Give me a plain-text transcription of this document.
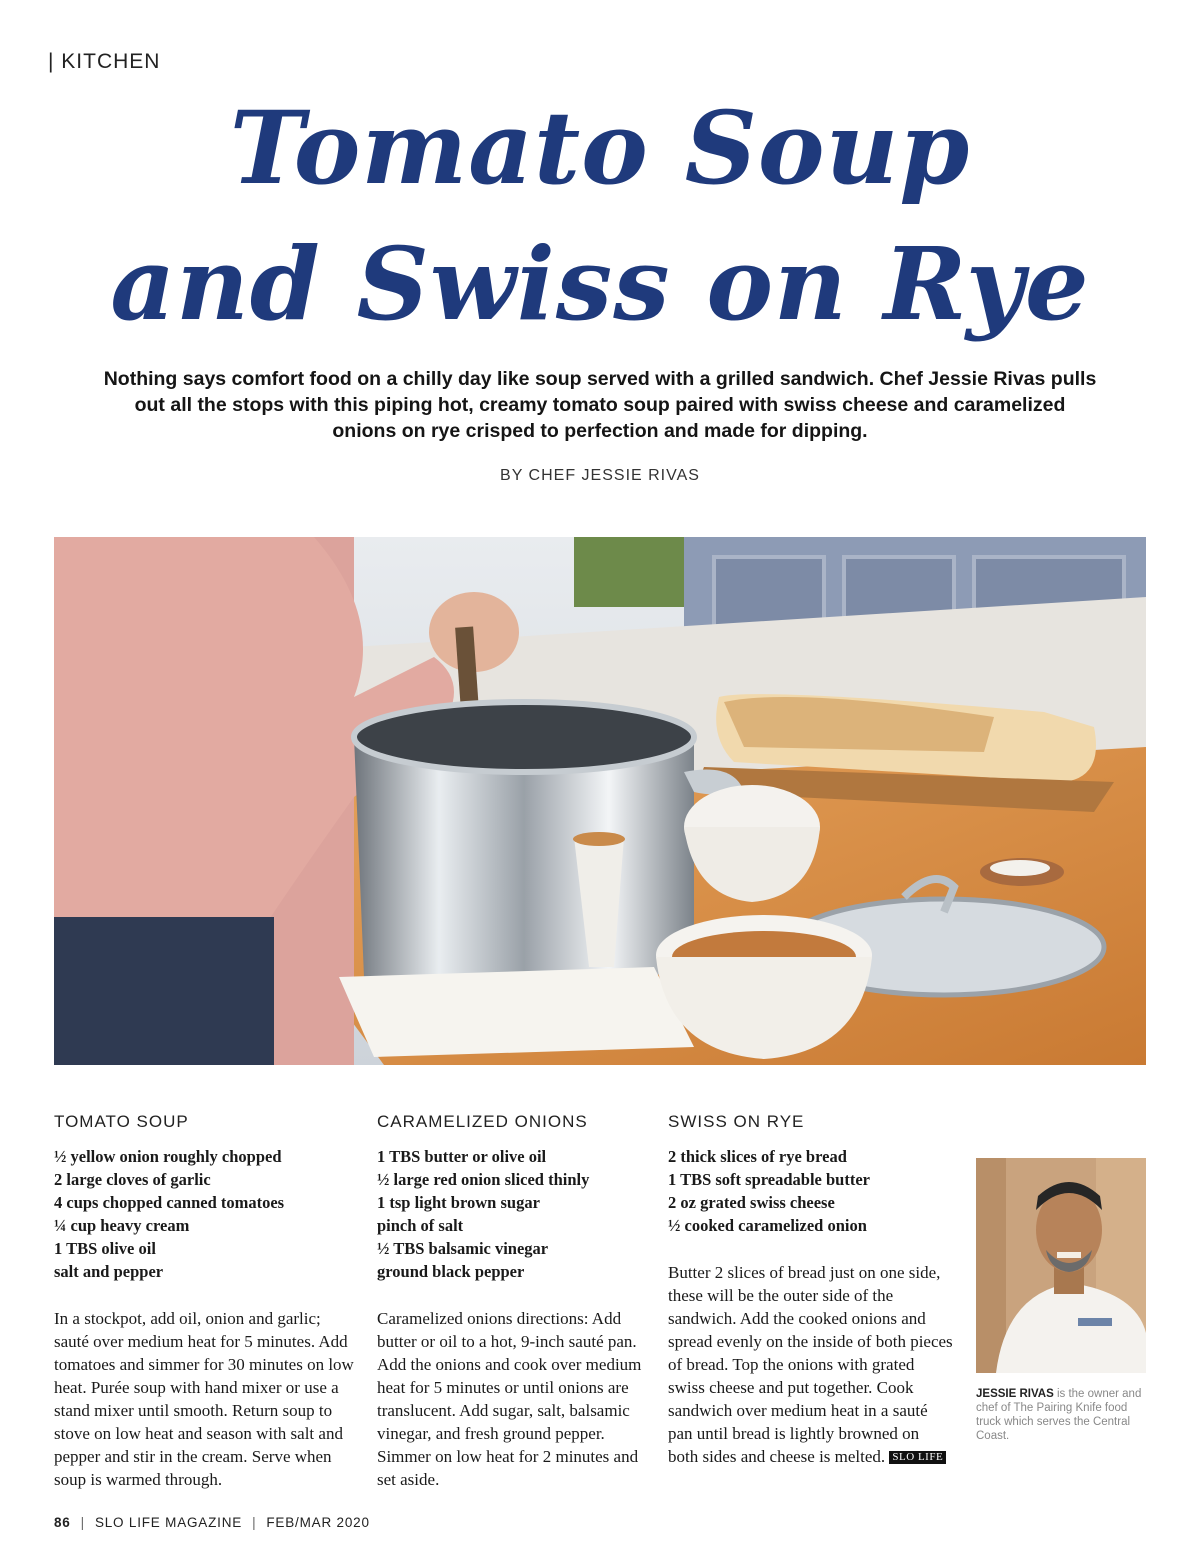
| KITCHEN
Tomato Soup
and Swiss on Rye
Nothing says comfort food on a chilly day like soup served with a grilled sandwich. Chef Jessie Rivas pulls out all the stops with this piping hot, creamy tomato soup paired with swiss cheese and caramelized onions on rye crisped to perfection and made for dipping.
BY CHEF JESSIE RIVAS
TOMATO SOUP
½ yellow onion roughly chopped
2 large cloves of garlic
4 cups chopped canned tomatoes
¼ cup heavy cream
1 TBS olive oil
salt and pepper

In a stockpot, add oil, onion and garlic; sauté over medium heat for 5 minutes. Add tomatoes and simmer for 30 minutes on low heat. Purée soup with hand mixer or use a stand mixer until smooth. Return soup to stove on low heat and season with salt and pepper and stir in the cream. Serve when soup is warmed through.

CARAMELIZED ONIONS
1 TBS butter or olive oil
½ large red onion sliced thinly
1 tsp light brown sugar
pinch of salt
½ TBS balsamic vinegar
ground black pepper

Caramelized onions directions: Add butter or oil to a hot, 9-inch sauté pan. Add the onions and cook over medium heat for 5 minutes or until onions are translucent. Add sugar, salt, balsamic vinegar, and fresh ground pepper. Simmer on low heat for 2 minutes and set aside.

SWISS ON RYE
2 thick slices of rye bread
1 TBS soft spreadable butter
2 oz grated swiss cheese
½ cooked caramelized onion

Butter 2 slices of bread just on one side, these will be the outer side of the sandwich. Add the cooked onions and spread evenly on the inside of both pieces of bread. Top the onions with grated swiss cheese and put together. Cook sandwich over medium heat in a sauté pan until bread is lightly browned on both sides and cheese is melted. SLO LIFE

JESSIE RIVAS is the owner and chef of The Pairing Knife food truck which serves the Central Coast.
86 | SLO LIFE MAGAZINE | FEB/MAR 2020
